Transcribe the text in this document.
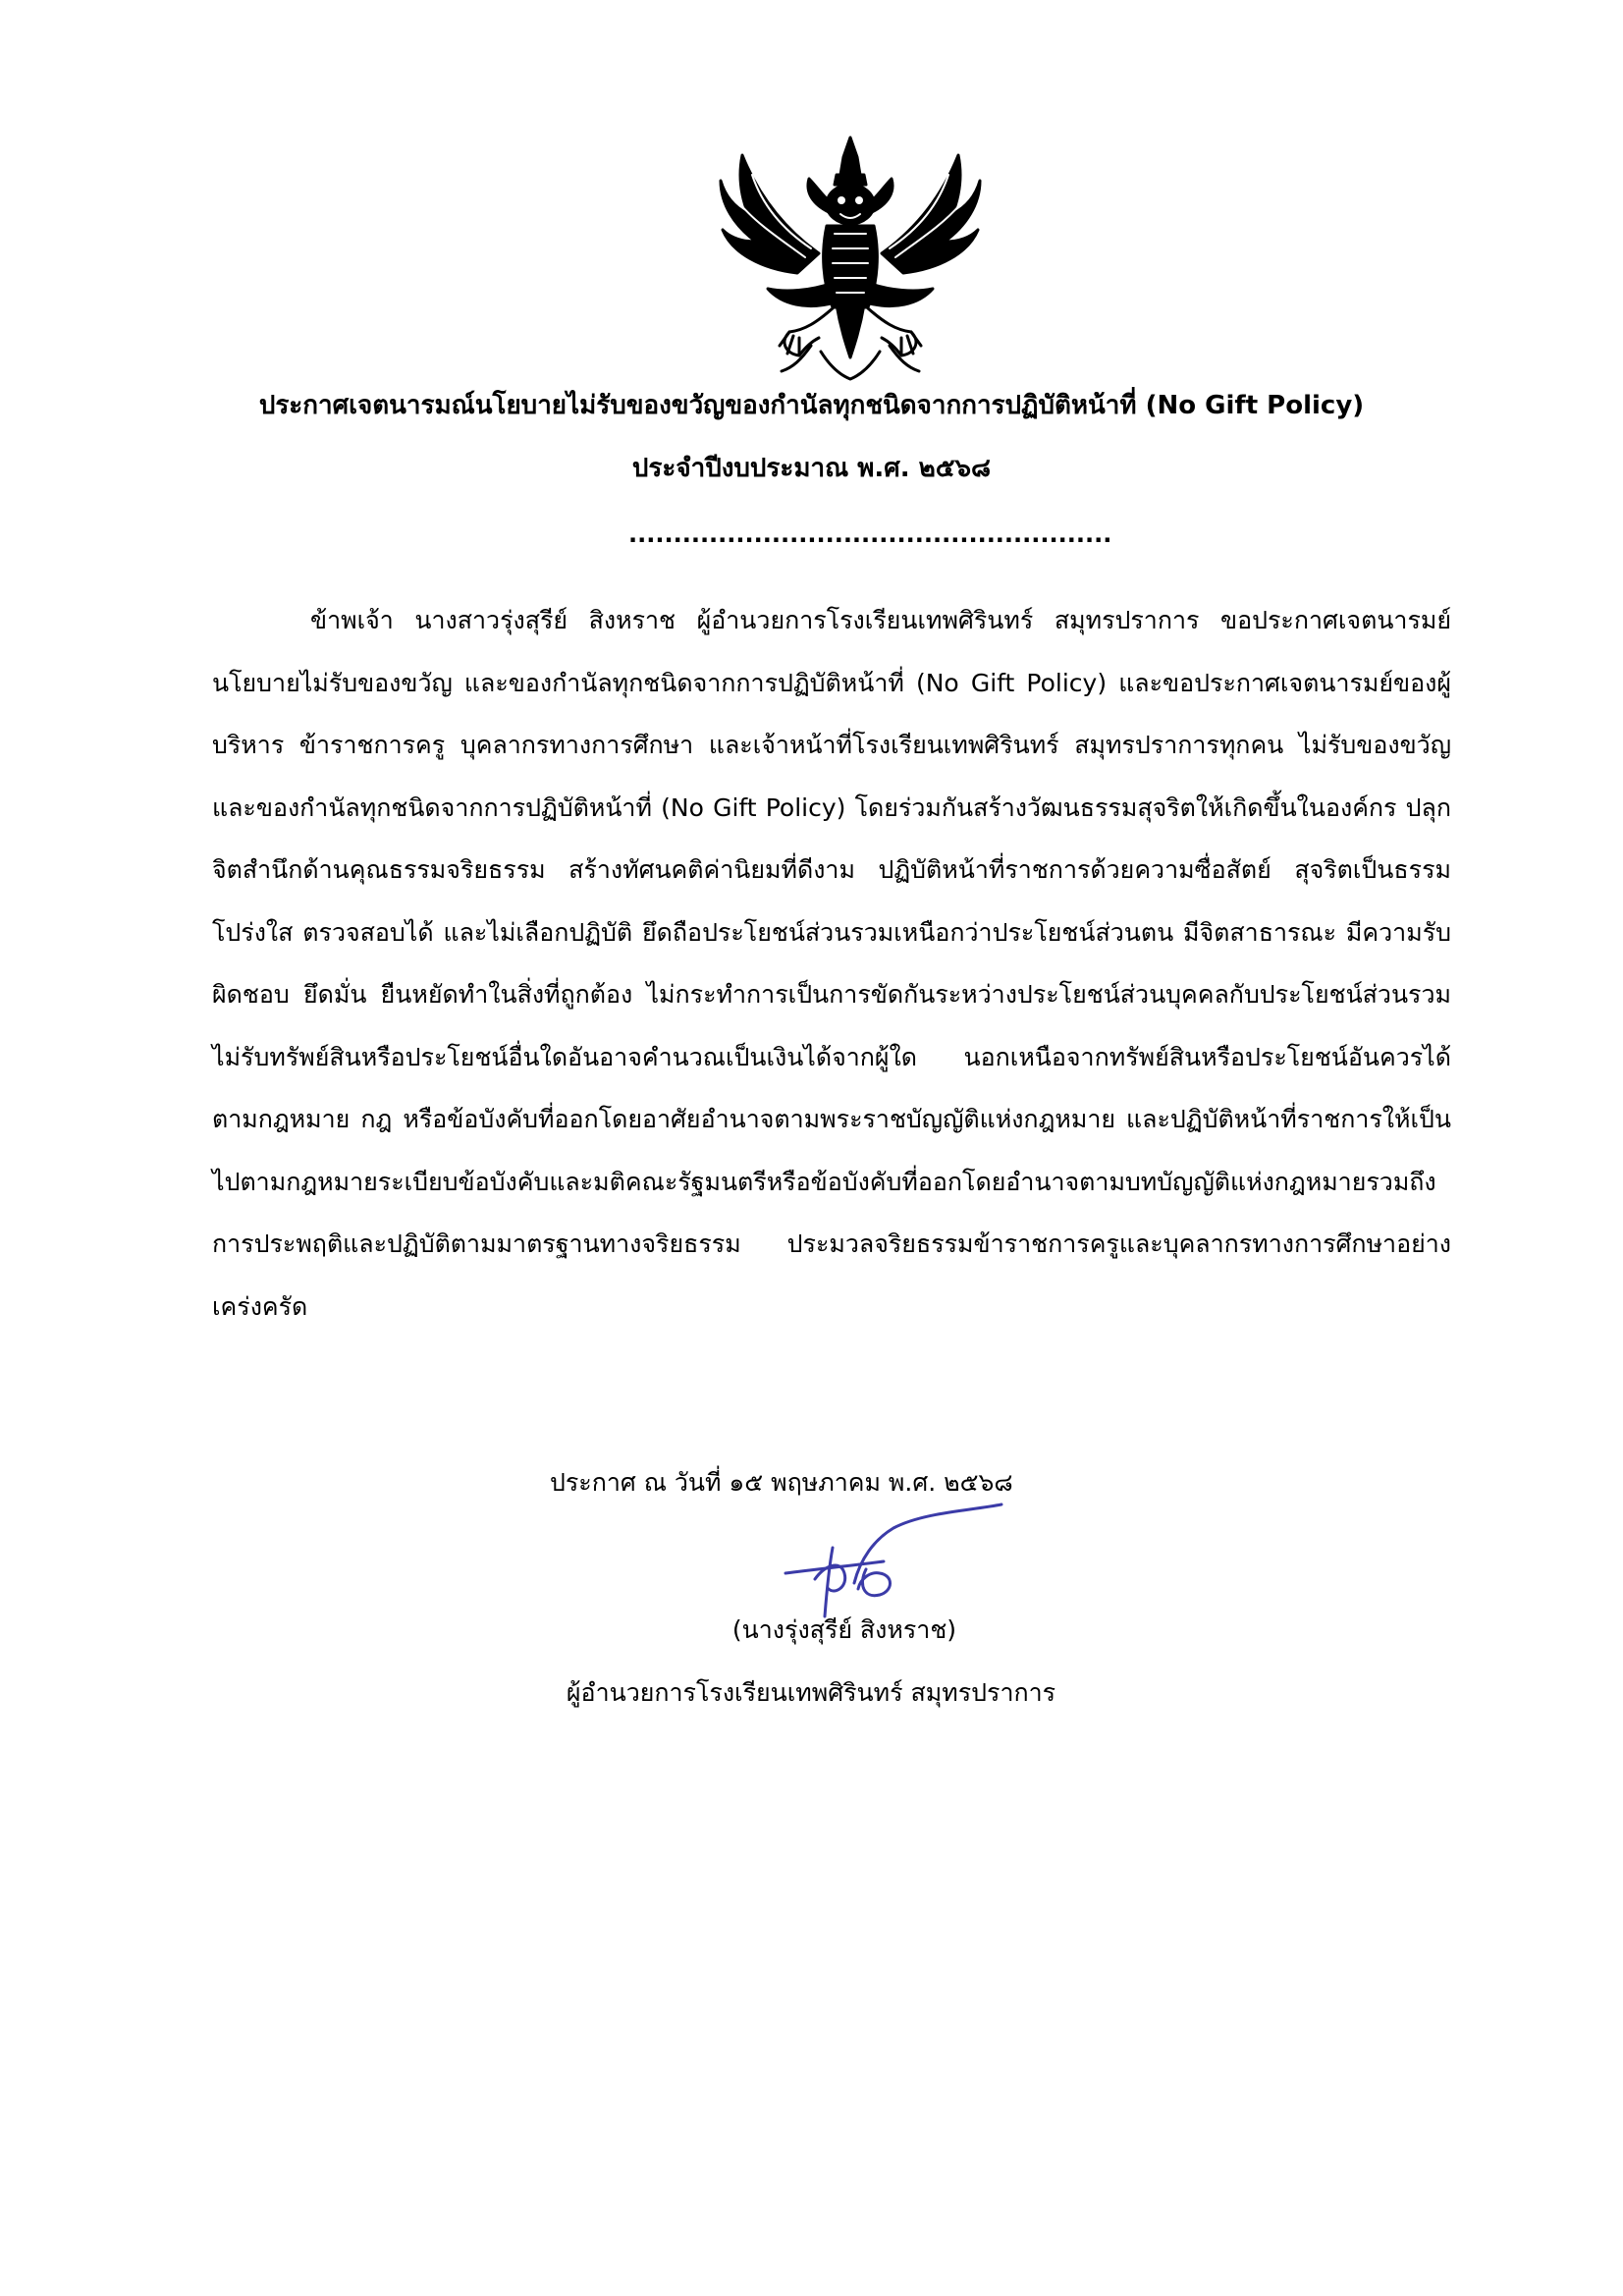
ประกาศเจตนารมณ์นโยบายไม่รับของขวัญของกำนัลทุกชนิดจากการปฏิบัติหน้าที่ (No Gift Policy)
ประจำปีงบประมาณ พ.ศ. ๒๕๖๘
......................................................
ข้าพเจ้า นางสาวรุ่งสุรีย์ สิงหราช ผู้อำนวยการโรงเรียนเทพศิรินทร์ สมุทรปราการ ขอประกาศเจตนารมย์นโยบายไม่รับของขวัญ และของกำนัลทุกชนิดจากการปฏิบัติหน้าที่ (No Gift Policy) และขอประกาศเจตนารมย์ของผู้บริหาร ข้าราชการครู บุคลากรทางการศึกษา และเจ้าหน้าที่โรงเรียนเทพศิรินทร์ สมุทรปราการทุกคน ไม่รับของขวัญ และของกำนัลทุกชนิดจากการปฏิบัติหน้าที่ (No Gift Policy) โดยร่วมกันสร้างวัฒนธรรมสุจริตให้เกิดขึ้นในองค์กร ปลุกจิตสำนึกด้านคุณธรรมจริยธรรม สร้างทัศนคติค่านิยมที่ดีงาม ปฏิบัติหน้าที่ราชการด้วยความซื่อสัตย์ สุจริตเป็นธรรม โปร่งใส ตรวจสอบได้ และไม่เลือกปฏิบัติ ยึดถือประโยชน์ส่วนรวมเหนือกว่าประโยชน์ส่วนตน มีจิตสาธารณะ มีความรับผิดชอบ ยึดมั่น ยืนหยัดทำในสิ่งที่ถูกต้อง ไม่กระทำการเป็นการขัดกันระหว่างประโยชน์ส่วนบุคคลกับประโยชน์ส่วนรวม ไม่รับทรัพย์สินหรือประโยชน์อื่นใดอันอาจคำนวณเป็นเงินได้จากผู้ใด นอกเหนือจากทรัพย์สินหรือประโยชน์อันควรได้ตามกฎหมาย กฎ หรือข้อบังคับที่ออกโดยอาศัยอำนาจตามพระราชบัญญัติแห่งกฎหมาย และปฏิบัติหน้าที่ราชการให้เป็นไปตามกฎหมายระเบียบข้อบังคับและมติคณะรัฐมนตรีหรือข้อบังคับที่ออกโดยอำนาจตามบทบัญญัติแห่งกฎหมายรวมถึงการประพฤติและปฏิบัติตามมาตรฐานทางจริยธรรม ประมวลจริยธรรมข้าราชการครูและบุคลากรทางการศึกษาอย่างเคร่งครัด
ประกาศ ณ วันที่ ๑๕ พฤษภาคม พ.ศ. ๒๕๖๘
(นางรุ่งสุรีย์ สิงหราช)
ผู้อำนวยการโรงเรียนเทพศิรินทร์ สมุทรปราการ
